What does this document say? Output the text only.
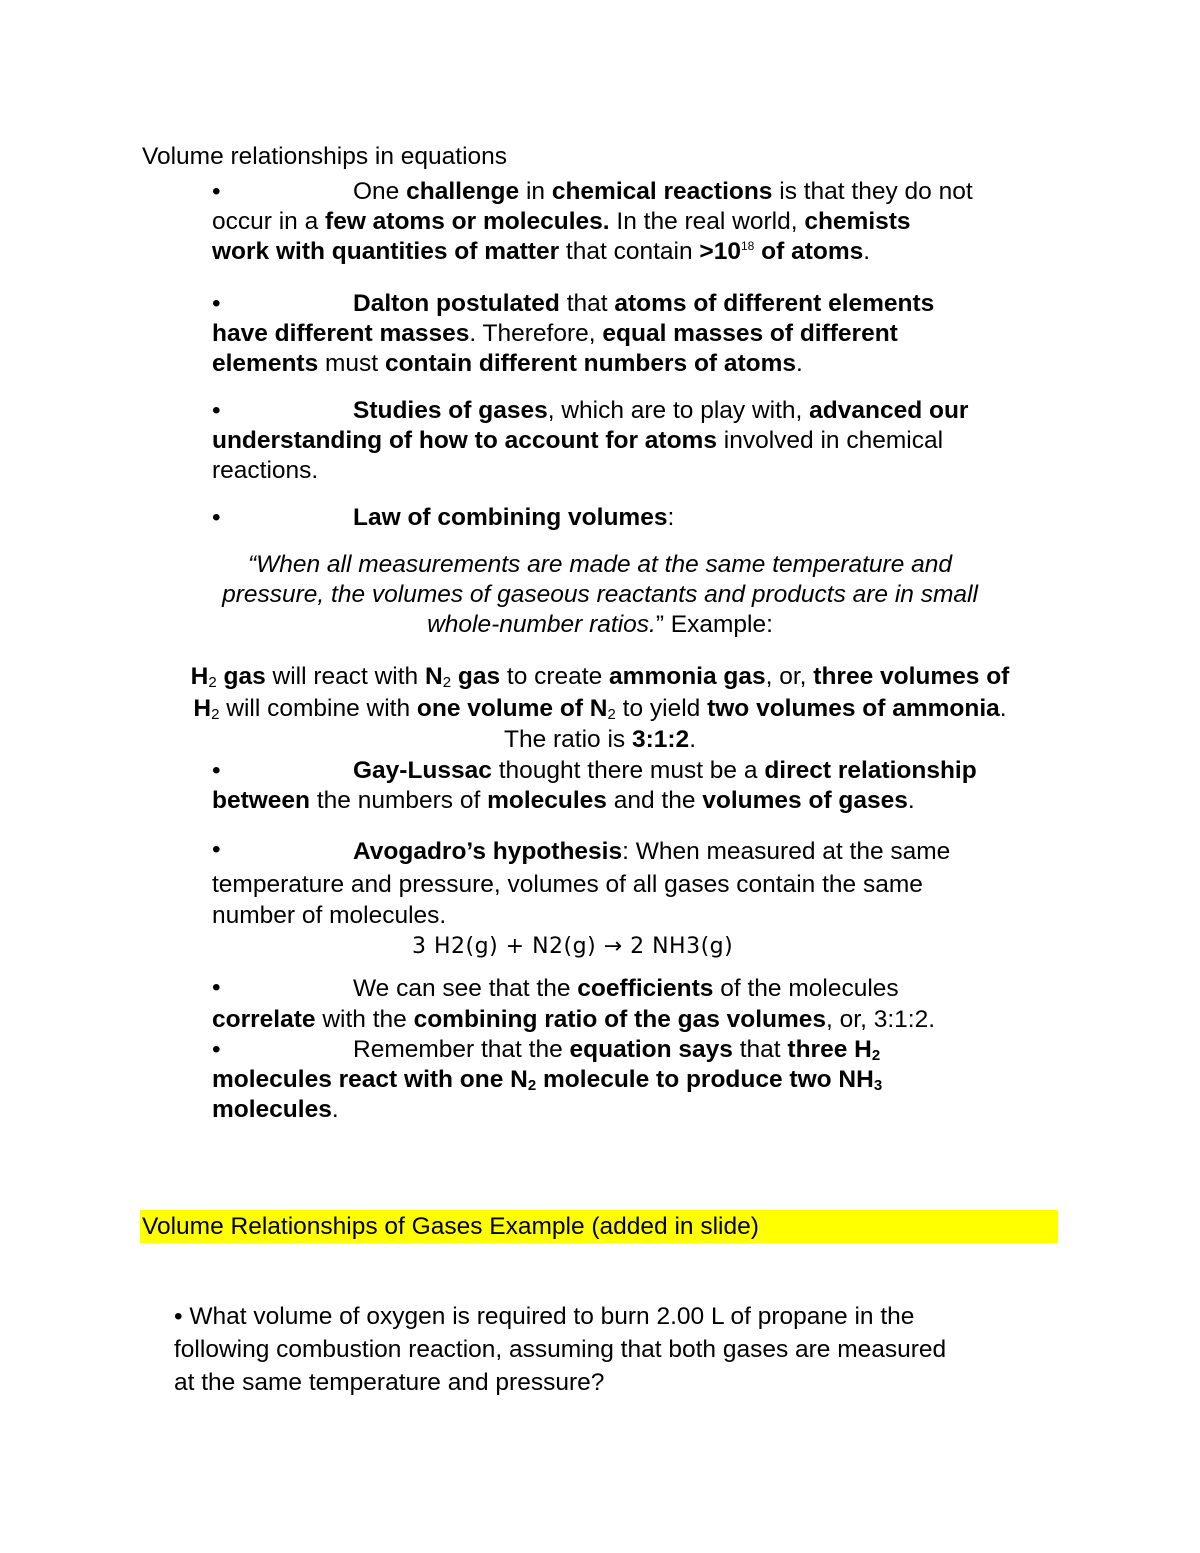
Volume relationships in equations
•	One challenge in chemical reactions is that they do not
occur in a few atoms or molecules. In the real world, chemists
work with quantities of matter that contain $>10^{18}$ of atoms.
•	Dalton postulated that atoms of different elements
have different masses. Therefore, equal masses of different
elements must contain different numbers of atoms.
•	Studies of gases, which are to play with, advanced our
understanding of how to account for atoms involved in chemical
reactions.
•	Law of combining volumes:
“When all measurements are made at the same temperature and
pressure, the volumes of gaseous reactants and products are in small
whole-number ratios.” Example:
$H_2$ gas will react with $N_2$ gas to create ammonia gas, or, three volumes of
$H_2$ will combine with one volume of $N_2$ to yield two volumes of ammonia.
The ratio is 3:1:2.
•	Gay-Lussac thought there must be a direct relationship
between the numbers of molecules and the volumes of gases.
•	Avogadro’s hypothesis: When measured at the same
temperature and pressure, volumes of all gases contain the same
number of molecules.
3 H2(g) + N2(g) → 2 NH3(g)
•	We can see that the coefficients of the molecules
correlate with the combining ratio of the gas volumes, or, 3:1:2.
•	Remember that the equation says that three $H_2$
molecules react with one $N_2$ molecule to produce two $NH_3$
molecules.
Volume Relationships of Gases Example (added in slide)
• What volume of oxygen is required to burn 2.00 L of propane in the
following combustion reaction, assuming that both gases are measured
at the same temperature and pressure?
